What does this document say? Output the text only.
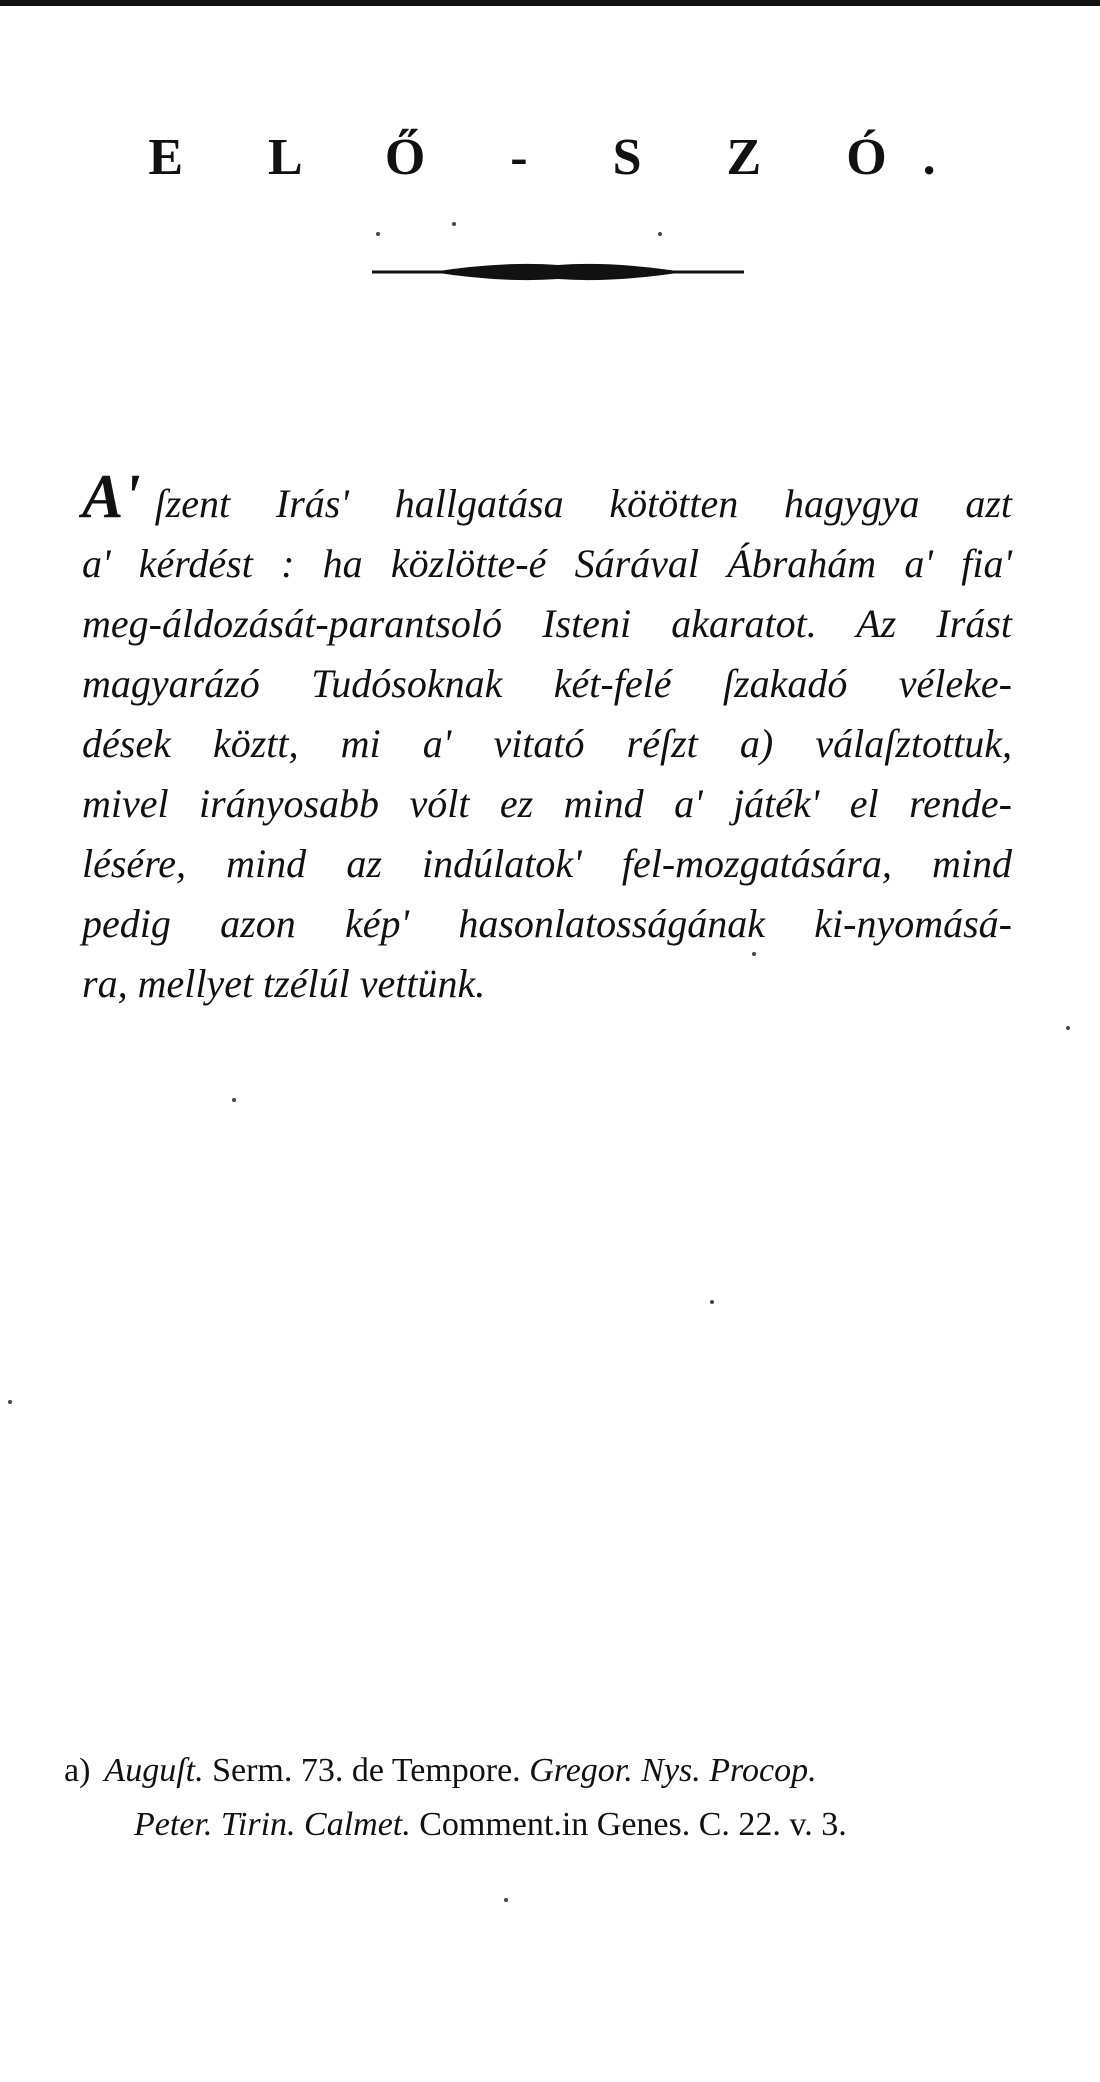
E L Ő - S Z Ó.
A' ſzent Irás' hallgatása kötötten hagygya azt
a' kérdést : ha közlötte-é Sárával Ábrahám a' fia'
meg-áldozását-parantsoló Isteni akaratot. Az Irást
magyarázó Tudósoknak két-felé ſzakadó véleke-
dések köztt, mi a' vitató réſzt a) válaſztottuk,
mivel irányosabb vólt ez mind a' játék' el rende-
lésére, mind az indúlatok' fel-mozgatására, mind
pedig azon kép' hasonlatosságának ki-nyomásá-
ra, mellyet tzélúl vettünk.
a) Auguſt. Serm. 73. de Tempore. Gregor. Nys. Procop.
Peter. Tirin. Calmet. Comment.in Genes. C. 22. v. 3.
